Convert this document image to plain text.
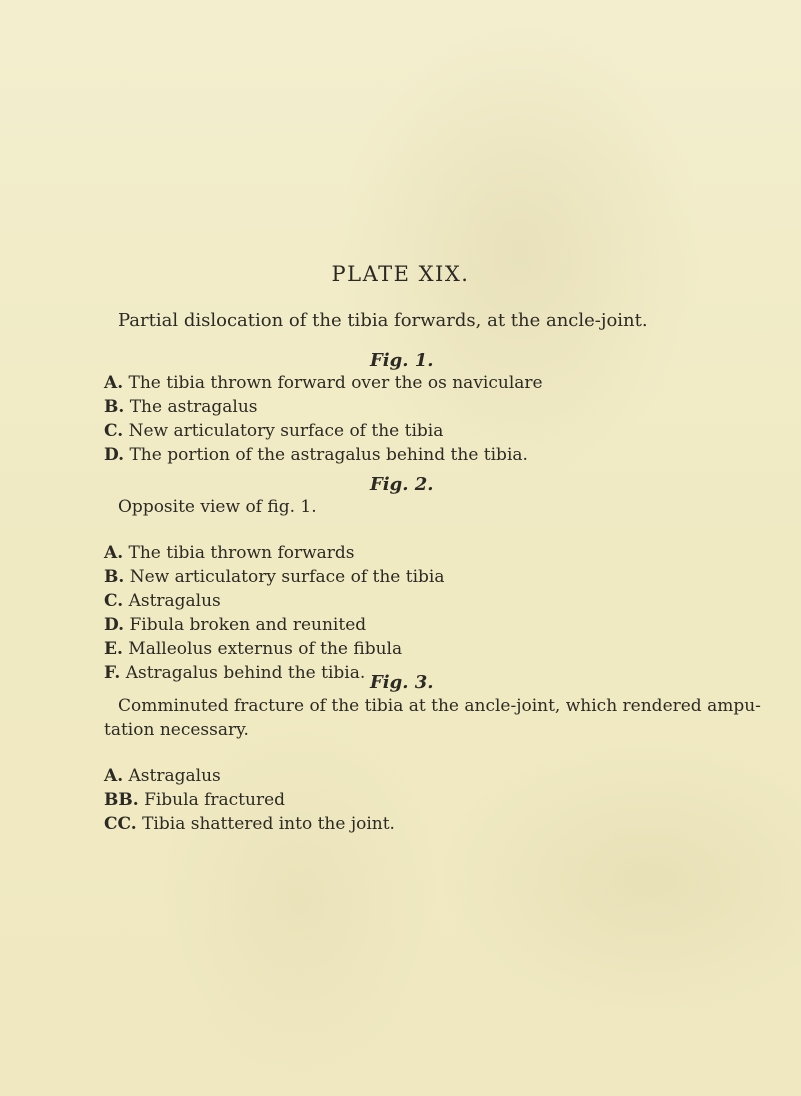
PLATE XIX.
Partial dislocation of the tibia forwards, at the ancle-joint.
Fig. 1.
A. The tibia thrown forward over the os naviculare
B. The astragalus
C. New articulatory surface of the tibia
D. The portion of the astragalus behind the tibia.
Fig. 2.
Opposite view of fig. 1.
A. The tibia thrown forwards
B. New articulatory surface of the tibia
C. Astragalus
D. Fibula broken and reunited
E. Malleolus externus of the fibula
F. Astragalus behind the tibia. Fig. 3.
Comminuted fracture of the tibia at the ancle-joint, which rendered ampu-
tation necessary.
A. Astragalus
BB. Fibula fractured
CC. Tibia shattered into the joint.
